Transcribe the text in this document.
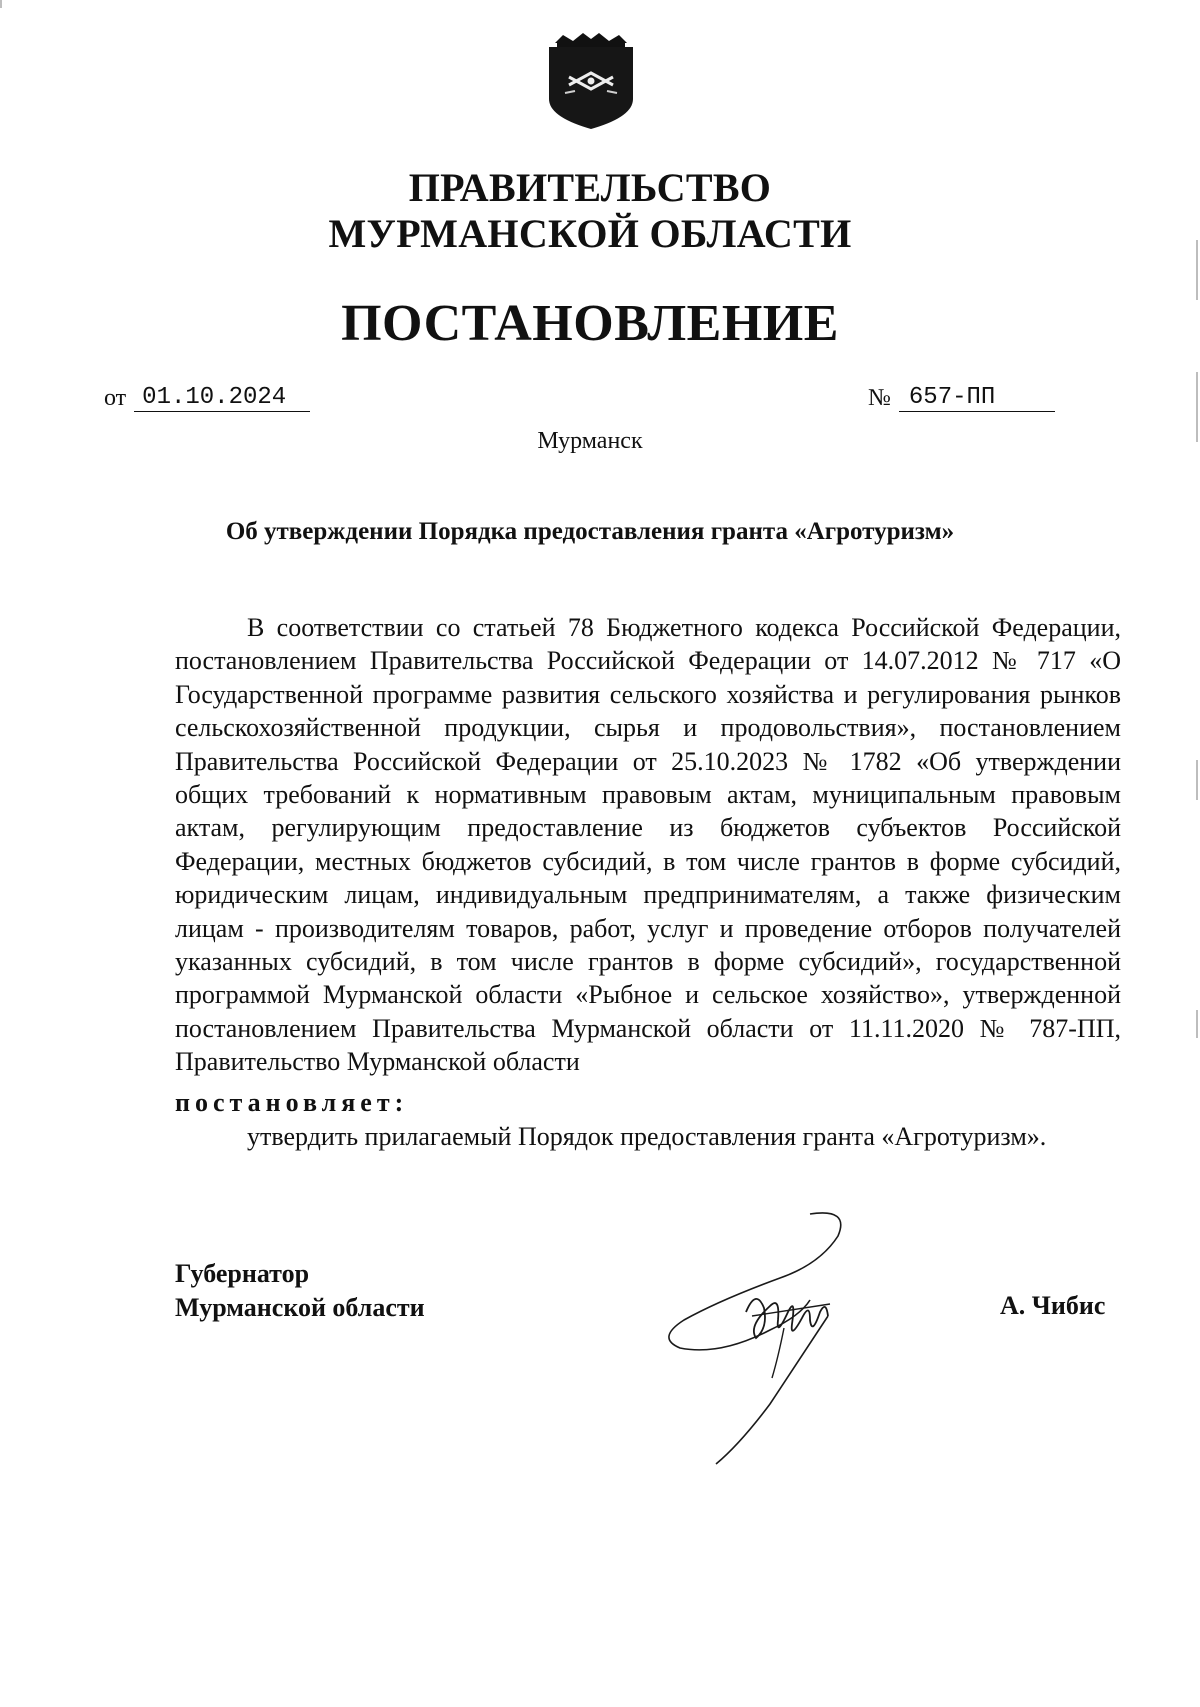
ПРАВИТЕЛЬСТВО
МУРМАНСКОЙ ОБЛАСТИ
ПОСТАНОВЛЕНИЕ
от 01.10.2024	№ 657-ПП
Мурманск
Об утверждении Порядка предоставления гранта «Агротуризм»
В соответствии со статьей 78 Бюджетного кодекса Российской Федерации, постановлением Правительства Российской Федерации от 14.07.2012 № 717 «О Государственной программе развития сельского хозяйства и регулирования рынков сельскохозяйственной продукции, сырья и продовольствия», постановлением Правительства Российской Федерации от 25.10.2023 № 1782 «Об утверждении общих требований к нормативным правовым актам, муниципальным правовым актам, регулирующим предоставление из бюджетов субъектов Российской Федерации, местных бюджетов субсидий, в том числе грантов в форме субсидий, юридическим лицам, индивидуальным предпринимателям, а также физическим лицам - производителям товаров, работ, услуг и проведение отборов получателей указанных субсидий, в том числе грантов в форме субсидий», государственной программой Мурманской области «Рыбное и сельское хозяйство», утвержденной постановлением Правительства Мурманской области от 11.11.2020 № 787-ПП, Правительство Мурманской области
постановляет:
утвердить прилагаемый Порядок предоставления гранта «Агротуризм».
Губернатор
Мурманской области	А. Чибис
